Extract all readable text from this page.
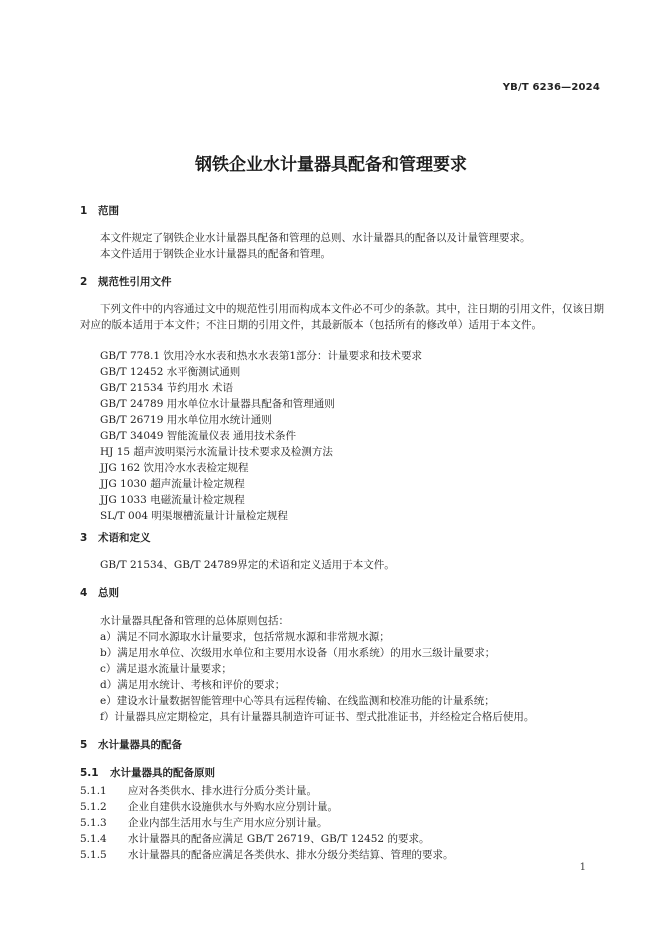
YB/T 6236—2024
钢铁企业水计量器具配备和管理要求
1 范围
本文件规定了钢铁企业水计量器具配备和管理的总则、水计量器具的配备以及计量管理要求。
本文件适用于钢铁企业水计量器具的配备和管理。
2 规范性引用文件
下列文件中的内容通过文中的规范性引用而构成本文件必不可少的条款。其中，注日期的引用文件，仅该日期对应的版本适用于本文件；不注日期的引用文件，其最新版本（包括所有的修改单）适用于本文件。
GB/T 778.1 饮用冷水水表和热水水表第1部分：计量要求和技术要求
GB/T 12452 水平衡测试通则
GB/T 21534 节约用水 术语
GB/T 24789 用水单位水计量器具配备和管理通则
GB/T 26719 用水单位用水统计通则
GB/T 34049 智能流量仪表 通用技术条件
HJ 15 超声波明渠污水流量计技术要求及检测方法
JJG 162 饮用冷水水表检定规程
JJG 1030 超声流量计检定规程
JJG 1033 电磁流量计检定规程
SL/T 004 明渠堰槽流量计计量检定规程
3 术语和定义
GB/T 21534、GB/T 24789界定的术语和定义适用于本文件。
4 总则
水计量器具配备和管理的总体原则包括：
a）满足不同水源取水计量要求，包括常规水源和非常规水源；
b）满足用水单位、次级用水单位和主要用水设备（用水系统）的用水三级计量要求；
c）满足退水流量计量要求；
d）满足用水统计、考核和评价的要求；
e）建设水计量数据智能管理中心等具有远程传输、在线监测和校准功能的计量系统；
f）计量器具应定期检定，具有计量器具制造许可证书、型式批准证书，并经检定合格后使用。
5 水计量器具的配备
5.1 水计量器具的配备原则
5.1.1 应对各类供水、排水进行分质分类计量。
5.1.2 企业自建供水设施供水与外购水应分别计量。
5.1.3 企业内部生活用水与生产用水应分别计量。
5.1.4 水计量器具的配备应满足 GB/T 26719、GB/T 12452 的要求。
5.1.5 水计量器具的配备应满足各类供水、排水分级分类结算、管理的要求。
1
